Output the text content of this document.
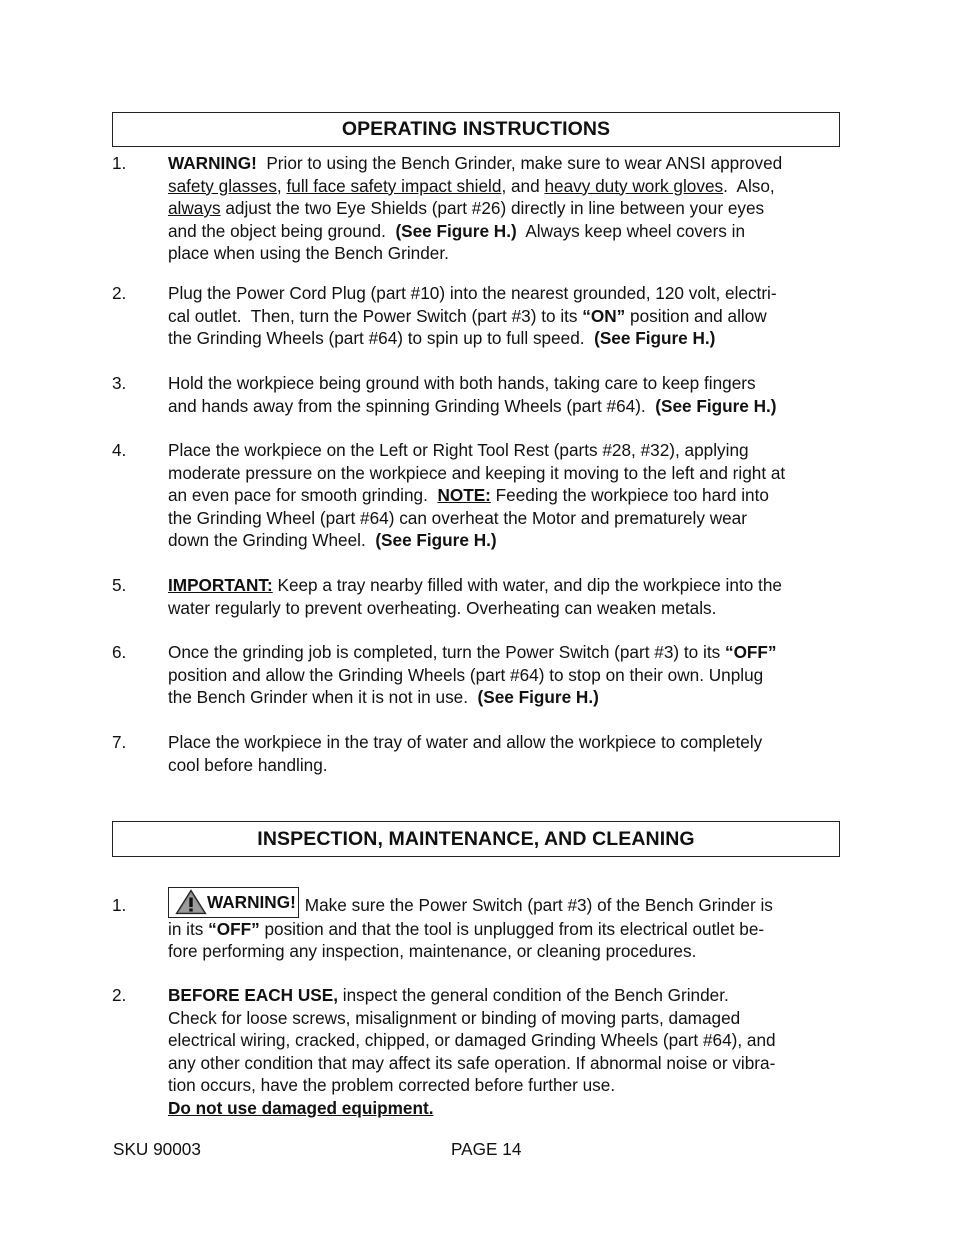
OPERATING INSTRUCTIONS
1.	WARNING!  Prior to using the Bench Grinder, make sure to wear ANSI approved
safety glasses, full face safety impact shield, and heavy duty work gloves.  Also,
always adjust the two Eye Shields (part #26) directly in line between your eyes
and the object being ground.  (See Figure H.)  Always keep wheel covers in
place when using the Bench Grinder.
2.	Plug the Power Cord Plug (part #10) into the nearest grounded, 120 volt, electri-
cal outlet.  Then, turn the Power Switch (part #3) to its “ON” position and allow
the Grinding Wheels (part #64) to spin up to full speed.  (See Figure H.)
3.	Hold the workpiece being ground with both hands, taking care to keep fingers
and hands away from the spinning Grinding Wheels (part #64).  (See Figure H.)
4.	Place the workpiece on the Left or Right Tool Rest (parts #28, #32), applying
moderate pressure on the workpiece and keeping it moving to the left and right at
an even pace for smooth grinding.  NOTE: Feeding the workpiece too hard into
the Grinding Wheel (part #64) can overheat the Motor and prematurely wear
down the Grinding Wheel.  (See Figure H.)
5.	IMPORTANT: Keep a tray nearby filled with water, and dip the workpiece into the
water regularly to prevent overheating. Overheating can weaken metals.
6.	Once the grinding job is completed, turn the Power Switch (part #3) to its “OFF”
position and allow the Grinding Wheels (part #64) to stop on their own. Unplug
the Bench Grinder when it is not in use.  (See Figure H.)
7.	Place the workpiece in the tray of water and allow the workpiece to completely
cool before handling.
INSPECTION, MAINTENANCE, AND CLEANING
1.	WARNING! Make sure the Power Switch (part #3) of the Bench Grinder is
in its “OFF” position and that the tool is unplugged from its electrical outlet be-
fore performing any inspection, maintenance, or cleaning procedures.
2.	BEFORE EACH USE, inspect the general condition of the Bench Grinder.
Check for loose screws, misalignment or binding of moving parts, damaged
electrical wiring, cracked, chipped, or damaged Grinding Wheels (part #64), and
any other condition that may affect its safe operation. If abnormal noise or vibra-
tion occurs, have the problem corrected before further use.
Do not use damaged equipment.
SKU 90003	PAGE 14
